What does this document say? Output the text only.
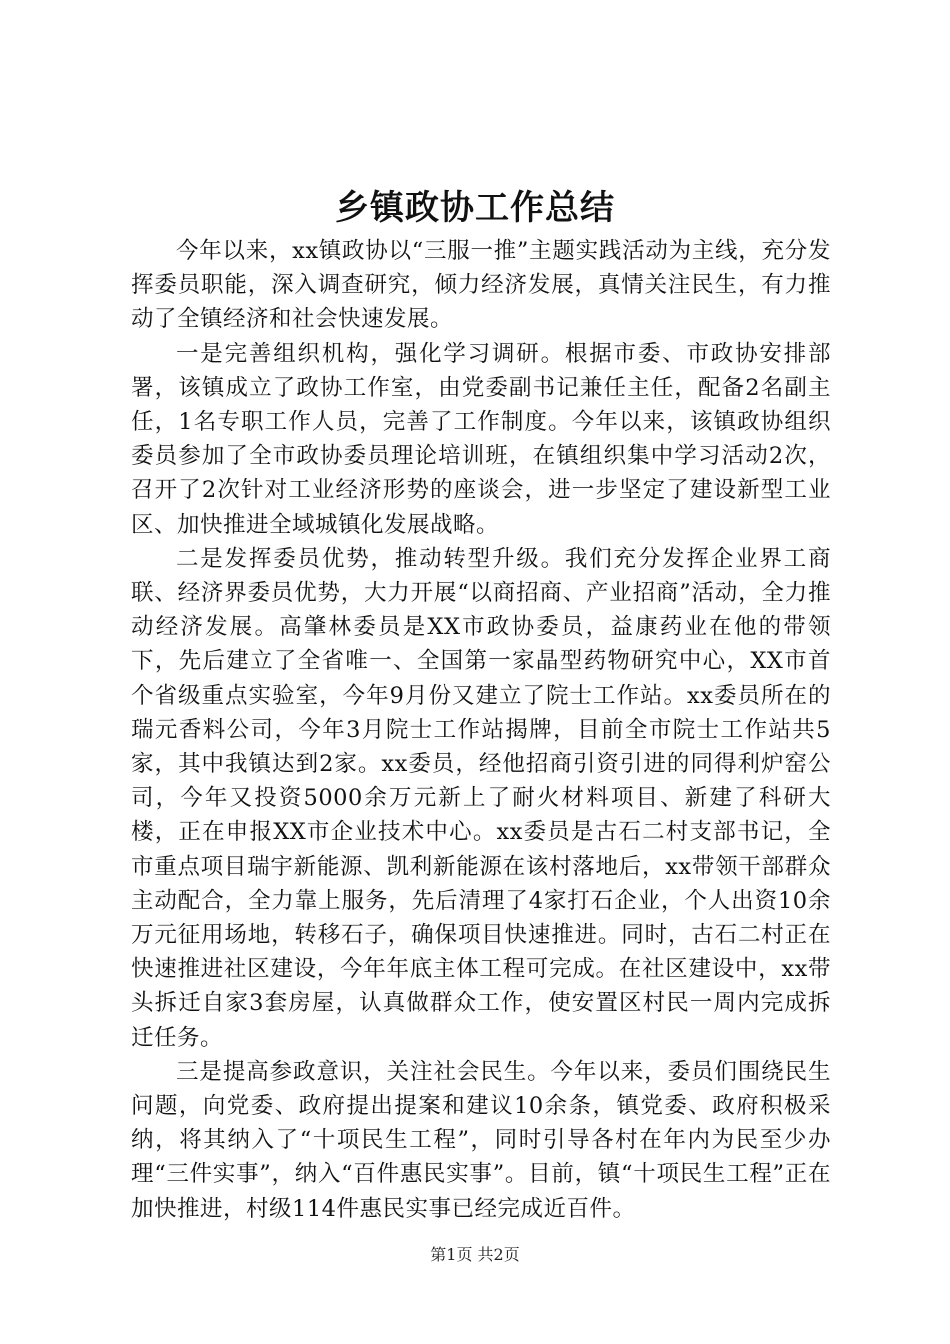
乡镇政协工作总结

今年以来，xx镇政协以“三服一推”主题实践活动为主线，充分发挥委员职能，深入调查研究，倾力经济发展，真情关注民生，有力推动了全镇经济和社会快速发展。

一是完善组织机构，强化学习调研。根据市委、市政协安排部署，该镇成立了政协工作室，由党委副书记兼任主任，配备2名副主任，1名专职工作人员，完善了工作制度。今年以来，该镇政协组织委员参加了全市政协委员理论培训班，在镇组织集中学习活动2次，召开了2次针对工业经济形势的座谈会，进一步坚定了建设新型工业区、加快推进全域城镇化发展战略。

二是发挥委员优势，推动转型升级。我们充分发挥企业界工商联、经济界委员优势，大力开展“以商招商、产业招商”活动，全力推动经济发展。高肇林委员是XX市政协委员，益康药业在他的带领下，先后建立了全省唯一、全国第一家晶型药物研究中心，XX市首个省级重点实验室，今年9月份又建立了院士工作站。xx委员所在的瑞元香料公司，今年3月院士工作站揭牌，目前全市院士工作站共5家，其中我镇达到2家。xx委员，经他招商引资引进的同得利炉窑公司，今年又投资5000余万元新上了耐火材料项目、新建了科研大楼，正在申报XX市企业技术中心。xx委员是古石二村支部书记，全市重点项目瑞宇新能源、凯利新能源在该村落地后，xx带领干部群众主动配合，全力靠上服务，先后清理了4家打石企业，个人出资10余万元征用场地，转移石子，确保项目快速推进。同时，古石二村正在快速推进社区建设，今年年底主体工程可完成。在社区建设中，xx带头拆迁自家3套房屋，认真做群众工作，使安置区村民一周内完成拆迁任务。

三是提高参政意识，关注社会民生。今年以来，委员们围绕民生问题，向党委、政府提出提案和建议10余条，镇党委、政府积极采纳，将其纳入了“十项民生工程”，同时引导各村在年内为民至少办理“三件实事”，纳入“百件惠民实事”。目前，镇“十项民生工程”正在加快推进，村级114件惠民实事已经完成近百件。

第1页 共2页
